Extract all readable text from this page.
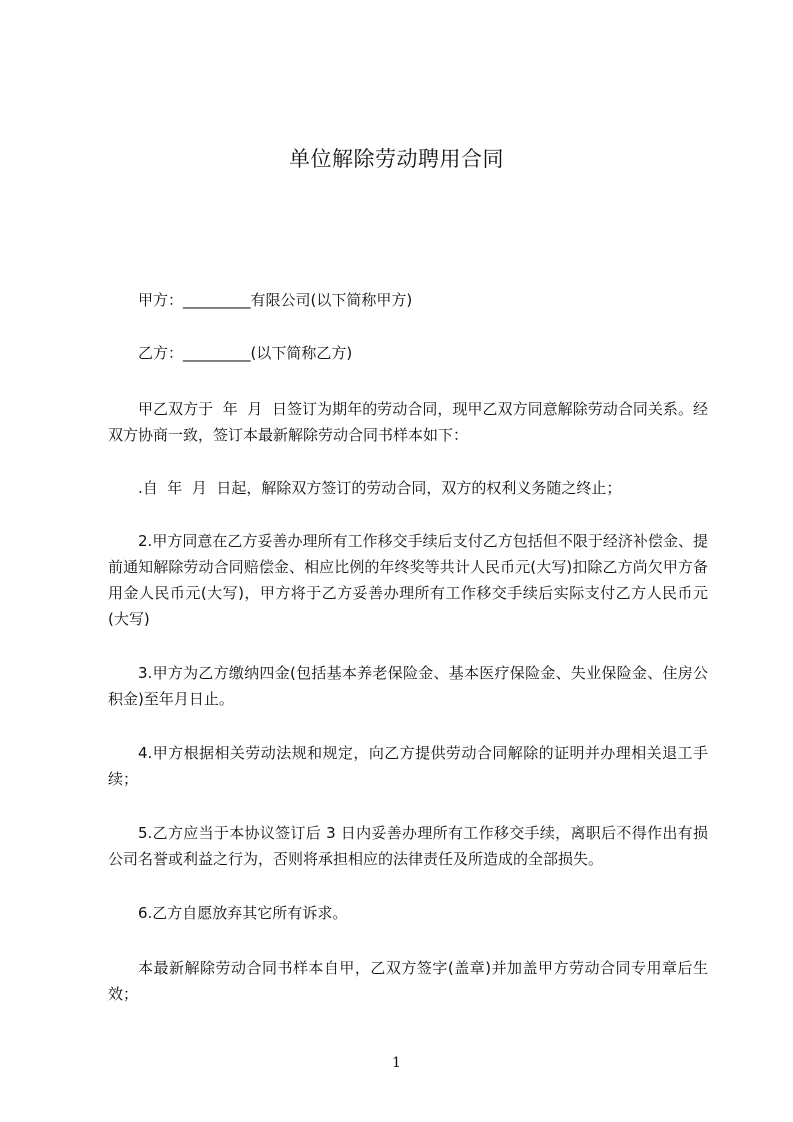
单位解除劳动聘用合同
甲方：_________有限公司(以下简称甲方)
乙方：_________(以下简称乙方)
甲乙双方于  年  月  日签订为期年的劳动合同，现甲乙双方同意解除劳动合同关系。经双方协商一致，签订本最新解除劳动合同书样本如下：
.自  年  月  日起，解除双方签订的劳动合同，双方的权利义务随之终止；
2.甲方同意在乙方妥善办理所有工作移交手续后支付乙方包括但不限于经济补偿金、提前通知解除劳动合同赔偿金、相应比例的年终奖等共计人民币元(大写)扣除乙方尚欠甲方备用金人民币元(大写)，甲方将于乙方妥善办理所有工作移交手续后实际支付乙方人民币元(大写)
3.甲方为乙方缴纳四金(包括基本养老保险金、基本医疗保险金、失业保险金、住房公积金)至年月日止。
4.甲方根据相关劳动法规和规定，向乙方提供劳动合同解除的证明并办理相关退工手续；
5.乙方应当于本协议签订后 3 日内妥善办理所有工作移交手续，离职后不得作出有损公司名誉或利益之行为，否则将承担相应的法律责任及所造成的全部损失。
6.乙方自愿放弃其它所有诉求。
本最新解除劳动合同书样本自甲，乙双方签字(盖章)并加盖甲方劳动合同专用章后生效；
1
